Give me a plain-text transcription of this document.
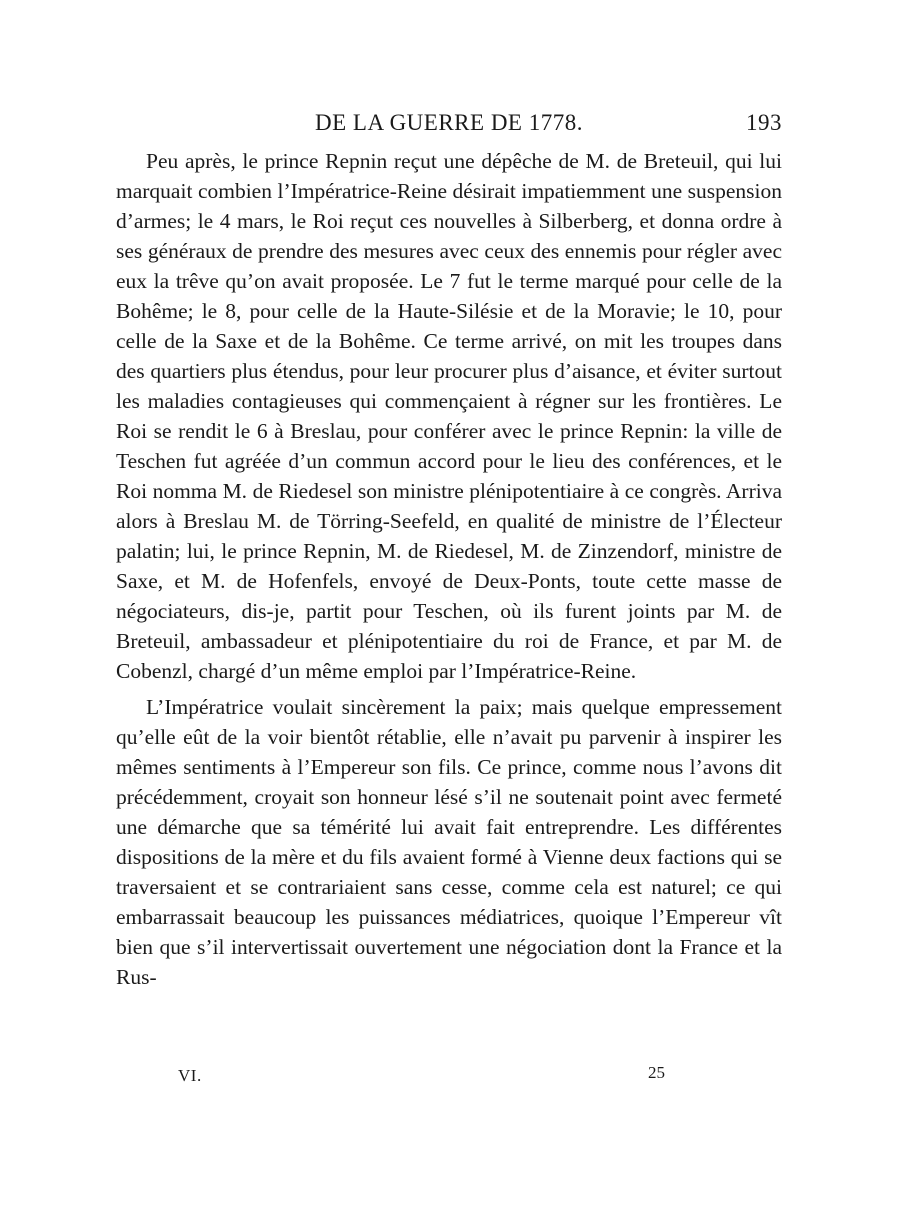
DE LA GUERRE DE 1778.	193

Peu après, le prince Repnin reçut une dépêche de M. de Breteuil, qui lui marquait combien l’Impératrice-Reine désirait impatiemment une suspension d’armes; le 4 mars, le Roi reçut ces nouvelles à Silberberg, et donna ordre à ses généraux de prendre des mesures avec ceux des ennemis pour régler avec eux la trêve qu’on avait proposée. Le 7 fut le terme marqué pour celle de la Bohême; le 8, pour celle de la Haute-Silésie et de la Moravie; le 10, pour celle de la Saxe et de la Bohême. Ce terme arrivé, on mit les troupes dans des quartiers plus étendus, pour leur procurer plus d’aisance, et éviter surtout les maladies contagieuses qui commençaient à régner sur les frontières. Le Roi se rendit le 6 à Breslau, pour conférer avec le prince Repnin: la ville de Teschen fut agréée d’un commun accord pour le lieu des conférences, et le Roi nomma M. de Riedesel son ministre plénipotentiaire à ce congrès. Arriva alors à Breslau M. de Törring-Seefeld, en qualité de ministre de l’Électeur palatin; lui, le prince Repnin, M. de Riedesel, M. de Zinzendorf, ministre de Saxe, et M. de Hofenfels, envoyé de Deux-Ponts, toute cette masse de négociateurs, dis-je, partit pour Teschen, où ils furent joints par M. de Breteuil, ambassadeur et plénipotentiaire du roi de France, et par M. de Cobenzl, chargé d’un même emploi par l’Impératrice-Reine.

L’Impératrice voulait sincèrement la paix; mais quelque empressement qu’elle eût de la voir bientôt rétablie, elle n’avait pu parvenir à inspirer les mêmes sentiments à l’Empereur son fils. Ce prince, comme nous l’avons dit précédemment, croyait son honneur lésé s’il ne soutenait point avec fermeté une démarche que sa témérité lui avait fait entreprendre. Les différentes dispositions de la mère et du fils avaient formé à Vienne deux factions qui se traversaient et se contrariaient sans cesse, comme cela est naturel; ce qui embarrassait beaucoup les puissances médiatrices, quoique l’Empereur vît bien que s’il intervertissait ouvertement une négociation dont la France et la Rus-

VI.	25
